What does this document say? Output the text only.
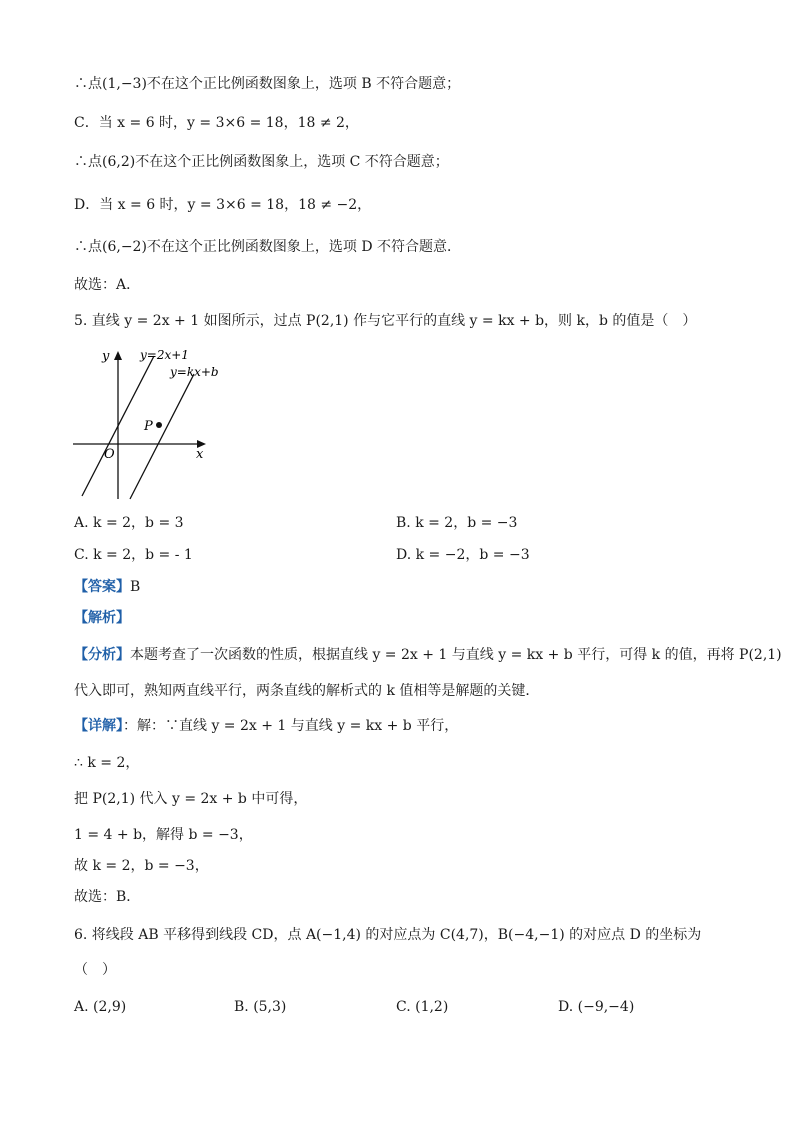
∴点(1,−3)不在这个正比例函数图象上，选项 B 不符合题意；
C．当 x = 6 时，y = 3×6 = 18，18 ≠ 2，
∴点(6,2)不在这个正比例函数图象上，选项 C 不符合题意；
D．当 x = 6 时，y = 3×6 = 18，18 ≠ −2，
∴点(6,−2)不在这个正比例函数图象上，选项 D 不符合题意．
故选：A．
5. 直线 y = 2x + 1 如图所示，过点 P(2,1) 作与它平行的直线 y = kx + b，则 k，b 的值是（　）
y
x
O
y=2x+1
y=kx+b
P
A. k = 2，b = 3	B. k = 2，b = −3
C. k = 2，b = - 1	D. k = −2，b = −3
【答案】B
【解析】
【分析】本题考查了一次函数的性质，根据直线 y = 2x + 1 与直线 y = kx + b 平行，可得 k 的值，再将 P(2,1)
代入即可，熟知两直线平行，两条直线的解析式的 k 值相等是解题的关键．
【详解】：解：∵直线 y = 2x + 1 与直线 y = kx + b 平行，
∴ k = 2，
把 P(2,1) 代入 y = 2x + b 中可得，
1 = 4 + b，解得 b = −3，
故 k = 2，b = −3，
故选：B．
6. 将线段 AB 平移得到线段 CD，点 A(−1,4) 的对应点为 C(4,7)，B(−4,−1) 的对应点 D 的坐标为
（　）
A. (2,9)	B. (5,3)	C. (1,2)	D. (−9,−4)
